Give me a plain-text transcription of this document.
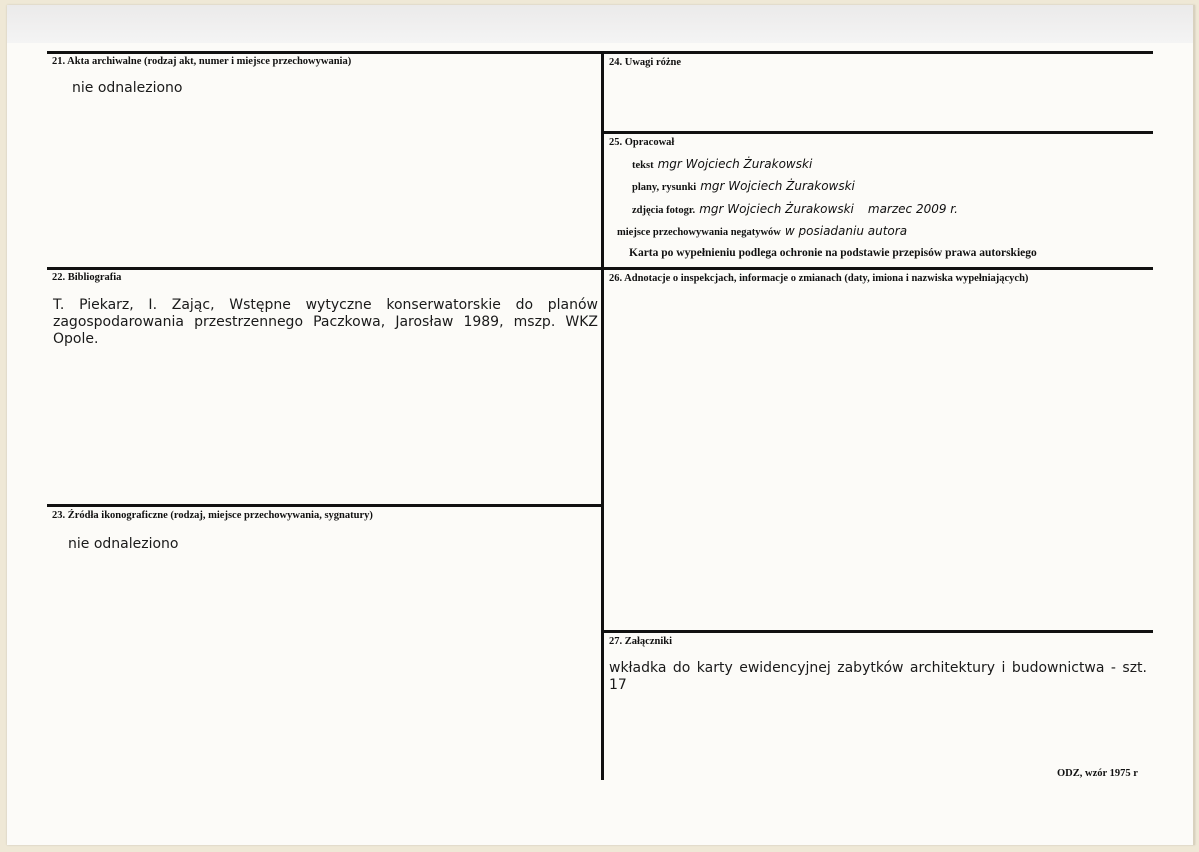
21. Akta archiwalne (rodzaj akt, numer i miejsce przechowywania)
nie odnaleziono
22. Bibliografia
T. Piekarz, I. Zając, Wstępne wytyczne konserwatorskie do planów zagospodarowania przestrzennego Paczkowa, Jarosław 1989, mszp. WKZ Opole.
23. Źródła ikonograficzne (rodzaj, miejsce przechowywania, sygnatury)
nie odnaleziono
24. Uwagi różne
25. Opracował
tekst mgr Wojciech Żurakowski
plany, rysunki mgr Wojciech Żurakowski
zdjęcia fotogr. mgr Wojciech Żurakowski marzec 2009 r.
miejsce przechowywania negatywów w posiadaniu autora
Karta po wypełnieniu podlega ochronie na podstawie przepisów prawa autorskiego
26. Adnotacje o inspekcjach, informacje o zmianach (daty, imiona i nazwiska wypełniających)
27. Załączniki
wkładka do karty ewidencyjnej zabytków architektury i budownictwa - szt. 17
ODZ, wzór 1975 r
